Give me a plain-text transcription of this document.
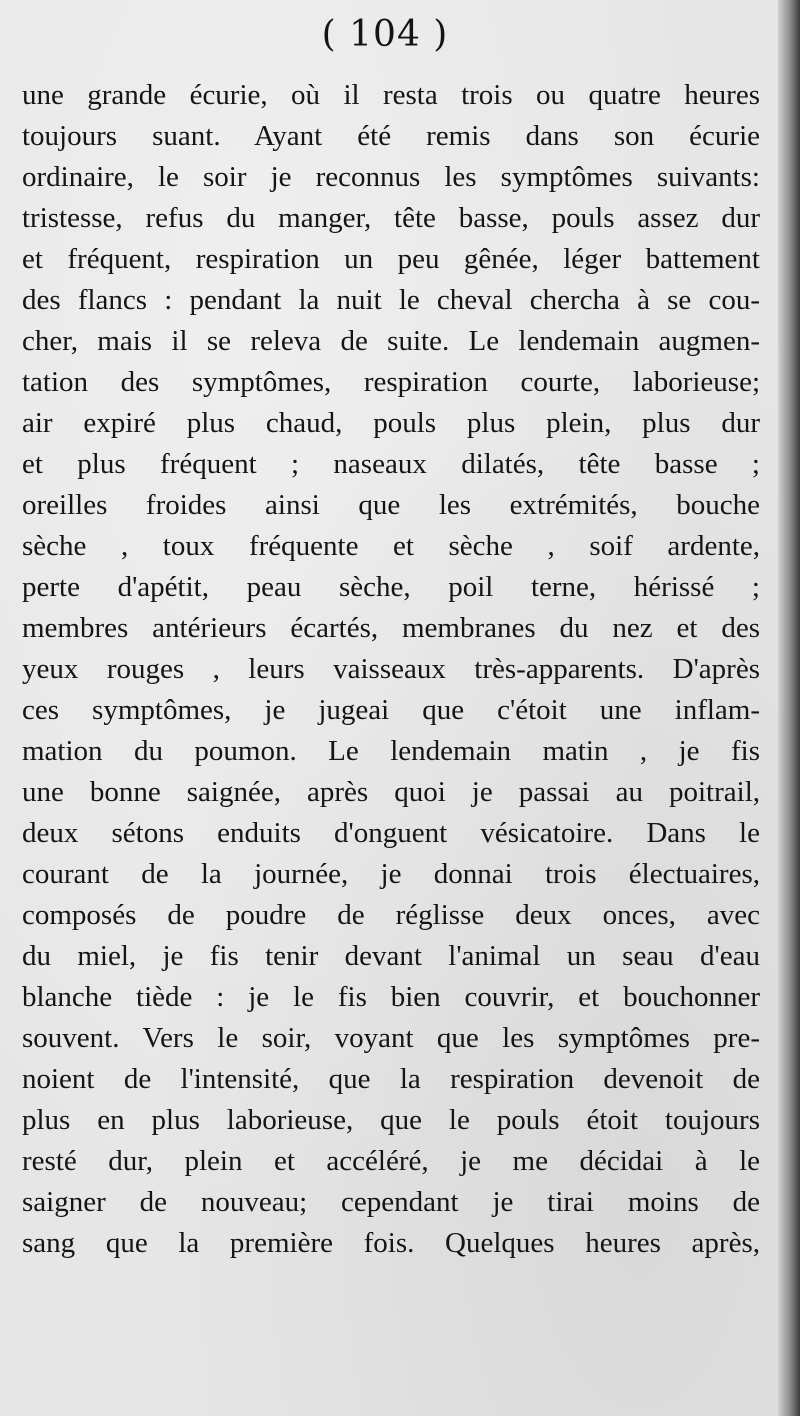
( 104 )
une grande écurie, où il resta trois ou quatre heures
toujours suant. Ayant été remis dans son écurie
ordinaire, le soir je reconnus les symptômes suivants:
tristesse, refus du manger, tête basse, pouls assez dur
et fréquent, respiration un peu gênée, léger battement
des flancs : pendant la nuit le cheval chercha à se cou-
cher, mais il se releva de suite. Le lendemain augmen-
tation des symptômes, respiration courte, laborieuse;
air expiré plus chaud, pouls plus plein, plus dur
et plus fréquent ; naseaux dilatés, tête basse ;
oreilles froides ainsi que les extrémités, bouche
sèche , toux fréquente et sèche , soif ardente,
perte d'apétit, peau sèche, poil terne, hérissé ;
membres antérieurs écartés, membranes du nez et des
yeux rouges , leurs vaisseaux très-apparents. D'après
ces symptômes, je jugeai que c'étoit une inflam-
mation du poumon. Le lendemain matin , je fis
une bonne saignée, après quoi je passai au poitrail,
deux sétons enduits d'onguent vésicatoire. Dans le
courant de la journée, je donnai trois électuaires,
composés de poudre de réglisse deux onces, avec
du miel, je fis tenir devant l'animal un seau d'eau
blanche tiède : je le fis bien couvrir, et bouchonner
souvent. Vers le soir, voyant que les symptômes pre-
noient de l'intensité, que la respiration devenoit de
plus en plus laborieuse, que le pouls étoit toujours
resté dur, plein et accéléré, je me décidai à le
saigner de nouveau; cependant je tirai moins de
sang que la première fois. Quelques heures après,
